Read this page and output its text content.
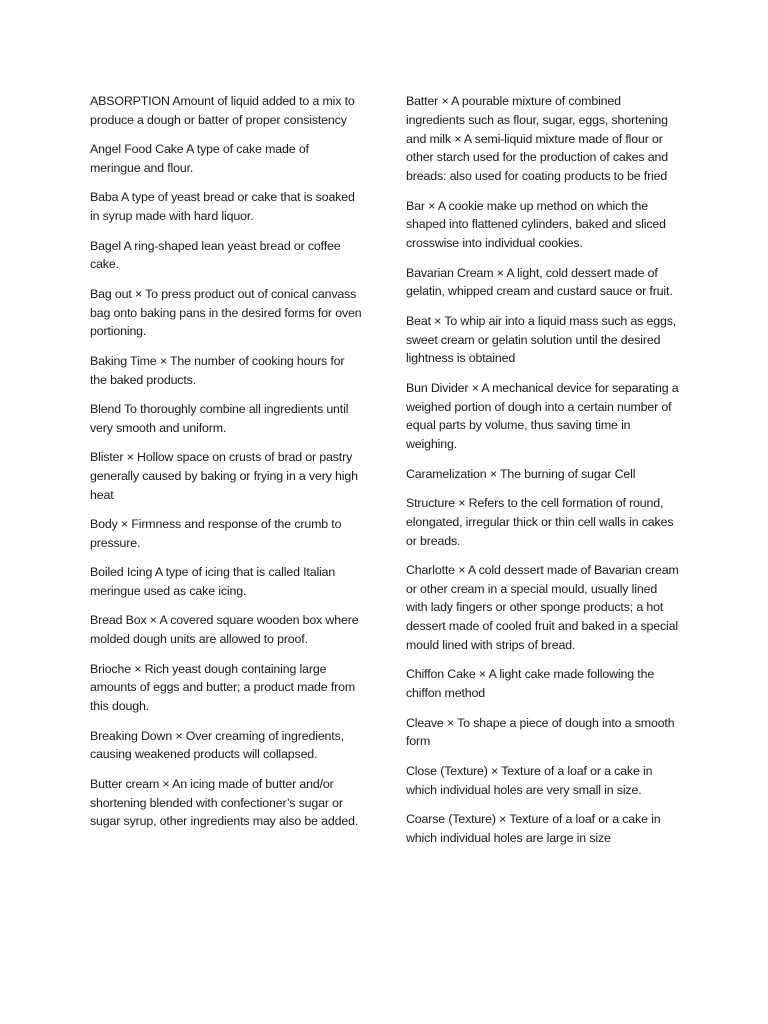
ABSORPTION Amount of liquid added to a mix to produce a dough or batter of proper consistency

Angel Food Cake A type of cake made of meringue and flour.

Baba A type of yeast bread or cake that is soaked in syrup made with hard liquor.

Bagel A ring-shaped lean yeast bread or coffee cake.

Bag out × To press product out of conical canvass bag onto baking pans in the desired forms for oven portioning.

Baking Time × The number of cooking hours for the baked products.

Blend To thoroughly combine all ingredients until very smooth and uniform.

Blister × Hollow space on crusts of brad or pastry generally caused by baking or frying in a very high heat

Body × Firmness and response of the crumb to pressure.

Boiled Icing A type of icing that is called Italian meringue used as cake icing.

Bread Box × A covered square wooden box where molded dough units are allowed to proof.

Brioche × Rich yeast dough containing large amounts of eggs and butter; a product made from this dough.

Breaking Down × Over creaming of ingredients, causing weakened products will collapsed.

Butter cream × An icing made of butter and/or shortening blended with confectioner’s sugar or sugar syrup, other ingredients may also be added.

Batter × A pourable mixture of combined ingredients such as flour, sugar, eggs, shortening and milk × A semi-liquid mixture made of flour or other starch used for the production of cakes and breads: also used for coating products to be fried

Bar × A cookie make up method on which the shaped into flattened cylinders, baked and sliced crosswise into individual cookies.

Bavarian Cream × A light, cold dessert made of gelatin, whipped cream and custard sauce or fruit.

Beat × To whip air into a liquid mass such as eggs, sweet cream or gelatin solution until the desired lightness is obtained

Bun Divider × A mechanical device for separating a weighed portion of dough into a certain number of equal parts by volume, thus saving time in weighing.

Caramelization × The burning of sugar Cell

Structure × Refers to the cell formation of round, elongated, irregular thick or thin cell walls in cakes or breads.

Charlotte × A cold dessert made of Bavarian cream or other cream in a special mould, usually lined with lady fingers or other sponge products; a hot dessert made of cooled fruit and baked in a special mould lined with strips of bread.

Chiffon Cake × A light cake made following the chiffon method

Cleave × To shape a piece of dough into a smooth form

Close (Texture) × Texture of a loaf or a cake in which individual holes are very small in size.

Coarse (Texture) × Texture of a loaf or a cake in which individual holes are large in size
